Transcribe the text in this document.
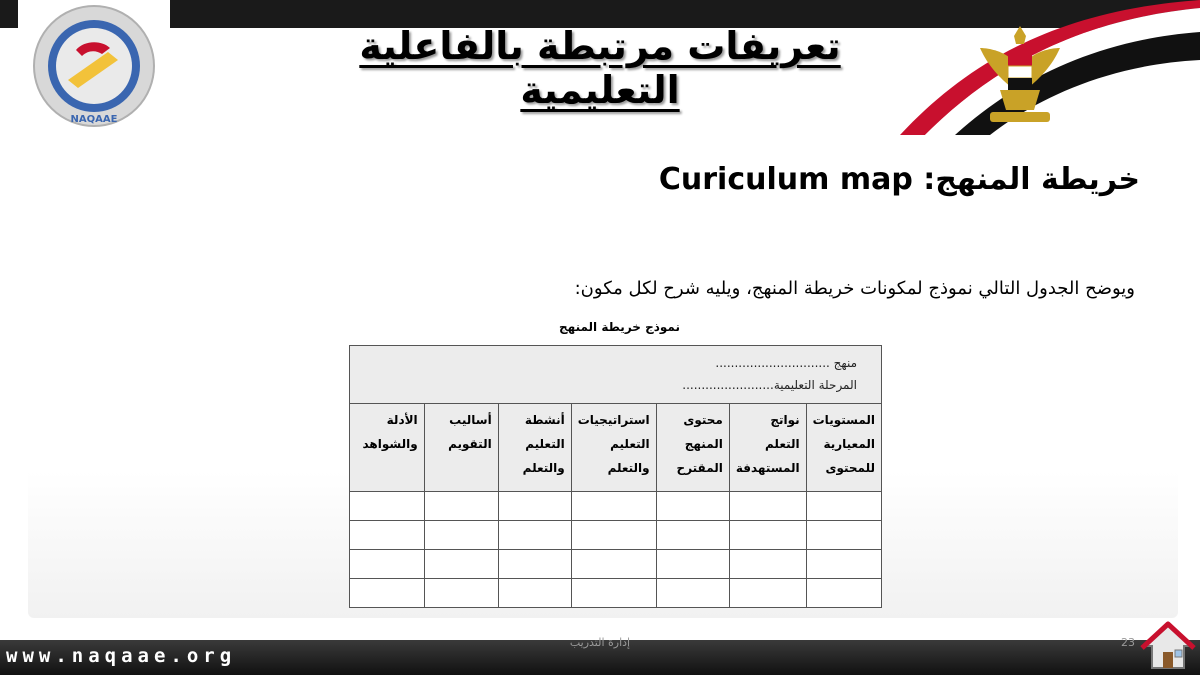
NAQAAE
تعريفات مرتبطة بالفاعلية التعليمية
خريطة المنهج: Curiculum map
ويوضح الجدول التالي نموذج لمكونات خريطة المنهج، ويليه شرح لكل مكون:
نموذج خريطة المنهج
منهج ..............................
المرحلة التعليمية........................						

المستويات المعيارية للمحتوى	نواتج التعلم المستهدفة	محتوى المنهج المقترح	استراتيجيات التعليم والتعلم	أنشطة التعليم والتعلم	أساليب التقويم	الأدلة والشواهد

www.naqaae.org
إدارة التدريب	23
